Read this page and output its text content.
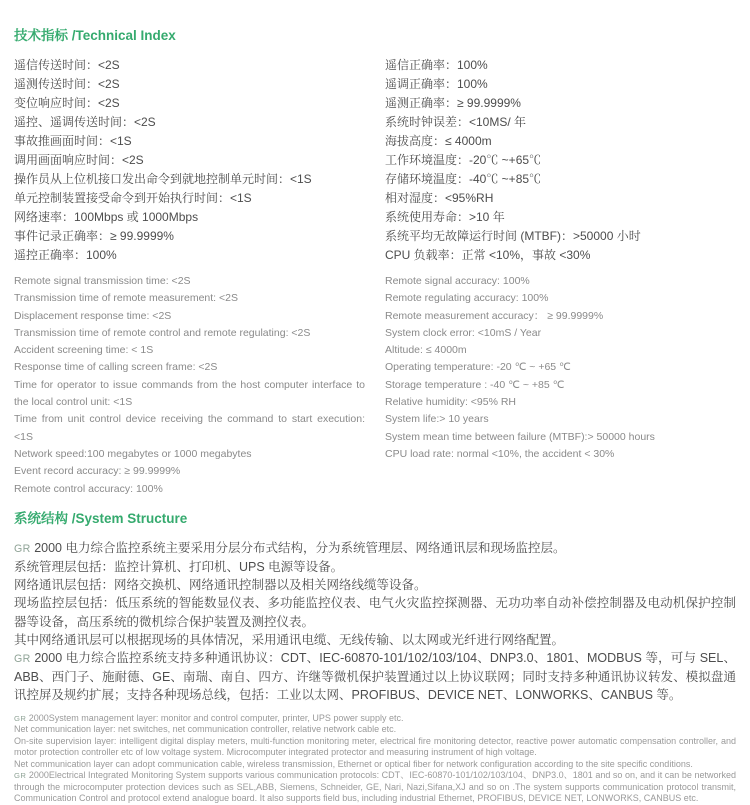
技术指标 /Technical Index
遥信传送时间：<2S
遥测传送时间：<2S
变位响应时间：<2S
遥控、遥调传送时间：<2S
事故推画面时间：<1S
调用画面响应时间：<2S
操作员从上位机接口发出命令到就地控制单元时间：<1S
单元控制装置接受命令到开始执行时间：<1S
网络速率：100Mbps 或 1000Mbps
事件记录正确率：≥ 99.9999%
遥控正确率：100%
Remote signal transmission time: <2S
Transmission time of remote measurement: <2S
Displacement response time: <2S
Transmission time of remote control and remote regulating: <2S
Accident screening time: < 1S
Response time of calling screen frame: <2S
Time for operator to issue commands from the host computer interface to the local control unit: <1S
Time from unit control device receiving the command to start execution: <1S
Network speed:100 megabytes or 1000 megabytes
Event record accuracy: ≥ 99.9999%
Remote control accuracy: 100%
遥信正确率：100%
遥调正确率：100%
遥测正确率：≥ 99.9999%
系统时钟误差：<10MS/ 年
海拔高度：≤ 4000m
工作环境温度：-20℃ ~+65℃
存储环境温度：-40℃ ~+85℃
相对湿度：<95%RH
系统使用寿命：>10 年
系统平均无故障运行时间 (MTBF)：>50000 小时
CPU 负载率：正常 <10%，事故 <30%
Remote signal accuracy: 100%
Remote regulating accuracy: 100%
Remote measurement accuracy： ≥ 99.9999%
System clock error: <10mS / Year
Altitude: ≤ 4000m
Operating temperature: -20 ℃ ~ +65 ℃
Storage temperature : -40 ℃ ~ +85 ℃
Relative humidity: <95% RH
System life:> 10 years
System mean time between failure (MTBF):> 50000 hours
CPU load rate: normal <10%, the accident < 30%
系统结构 /System Structure
GR 2000 电力综合监控系统主要采用分层分布式结构，分为系统管理层、网络通讯层和现场监控层。
系统管理层包括：监控计算机、打印机、UPS 电源等设备。
网络通讯层包括：网络交换机、网络通讯控制器以及相关网络线缆等设备。
现场监控层包括：低压系统的智能数显仪表、多功能监控仪表、电气火灾监控探测器、无功功率自动补偿控制器及电动机保护控制器等设备，高压系统的微机综合保护装置及测控仪表。
其中网络通讯层可以根据现场的具体情况，采用通讯电缆、无线传输、以太网或光纤进行网络配置。
GR 2000 电力综合监控系统支持多种通讯协议：CDT、IEC-60870-101/102/103/104、DNP3.0、1801、MODBUS 等，可与 SEL、ABB、西门子、施耐德、GE、南瑞、南自、四方、许继等微机保护装置通过以上协议联网；同时支持多种通讯协议转发、模拟盘通讯控屏及规约扩展；支持各种现场总线，包括：工业以太网、PROFIBUS、DEVICE NET、LONWORKS、CANBUS 等。
GR 2000System management layer: monitor and control computer, printer, UPS power supply etc.
Net communication layer: net switches, net communication controller, relative network cable etc.
On-site supervision layer: intelligent digital display meters, multi-function monitoring meter, electrical fire monitoring detector, reactive power automatic compensation controller, and motor protection controller etc of low voltage system. Microcomputer integrated protector and measuring instrument of high voltage.
Net communication layer can adopt communication cable, wireless transmission, Ethernet or optical fiber for network configuration according to the site specific conditions.
GR 2000Electrical Integrated Monitoring System supports various communication protocols: CDT、IEC-60870-101/102/103/104、DNP3.0、1801 and so on, and it can be networked through the microcomputer protection devices such as SEL,ABB, Siemens, Schneider, GE, Nari, Nazi,Sifana,XJ and so on .The system supports communication protocol transmit, Communication Control and protocol extend analogue board. It also supports field bus, including industrial Ethernet, PROFIBUS, DEVICE NET, LONWORKS, CANBUS etc.
